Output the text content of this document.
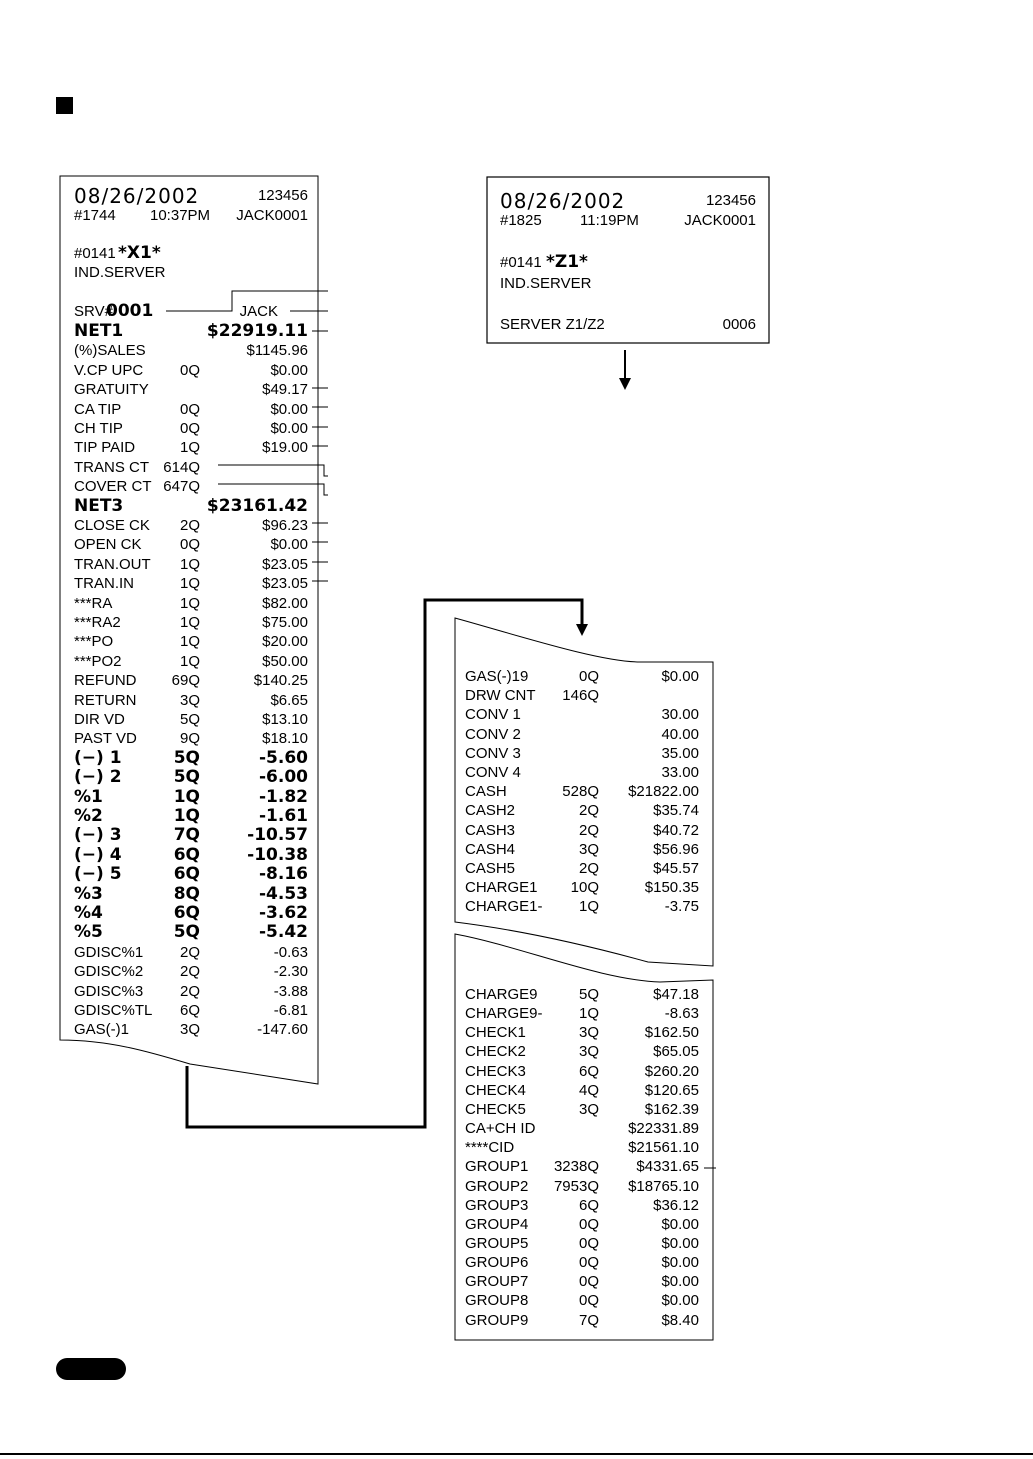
08/26/2002	123456
#1744 10:37PM JACK0001
#0141 *X1*
IND.SERVER
SRV#
0001	JACK
NET1	$22919.11
(%)SALES	$1145.96
V.CP UPC 0Q	$0.00
GRATUITY	$49.17
CA TIP	0Q	$0.00
CH TIP	0Q	$0.00
TIP PAID	1Q	$19.00
TRANS CT 614Q
COVER CT 647Q
NET3	$23161.42
CLOSE CK 2Q	$96.23
OPEN CK	0Q	$0.00
TRAN.OUT 1Q	$23.05
TRAN.IN	1Q	$23.05
***RA	1Q	$82.00
***RA2	1Q	$75.00
***PO	1Q	$20.00
***PO2	1Q	$50.00
REFUND 69Q	$140.25
RETURN	3Q	$6.65
DIR VD	5Q	$13.10
PAST VD	9Q	$18.10
(−) 1	5Q	-5.60
(−) 2	5Q	-6.00
%1	1Q	-1.82
%2	1Q	-1.61
(−) 3	7Q	-10.57
(−) 4	6Q	-10.38
(−) 5	6Q	-8.16
%3	8Q	-4.53
%4	6Q	-3.62
%5	5Q	-5.42
GDISC%1 2Q	-0.63
GDISC%2 2Q	-2.30
GDISC%3 2Q	-3.88
GDISC%TL 6Q	-6.81
GAS(-)1	3Q	-147.60
08/26/2002	123456
#1825	11:19PM	JACK0001
#0141 *Z1*
IND.SERVER
SERVER Z1/Z2	0006
GAS(-)19	0Q	$0.00
DRW CNT 146Q
CONV 1	30.00
CONV 2	40.00
CONV 3	35.00
CONV 4	33.00
CASH	528Q $21822.00
CASH2	2Q	$35.74
CASH3	2Q	$40.72
CASH4	3Q	$56.96
CASH5	2Q	$45.57
CHARGE1 10Q	$150.35
CHARGE1- 1Q	-3.75
CHARGE9	5Q	$47.18
CHARGE9- 1Q	-8.63
CHECK1	3Q	$162.50
CHECK2	3Q	$65.05
CHECK3	6Q	$260.20
CHECK4	4Q	$120.65
CHECK5	3Q	$162.39
CA+CH ID	$22331.89
****CID	$21561.10
GROUP1 3238Q $4331.65
GROUP2 7953Q $18765.10
GROUP3	6Q	$36.12
GROUP4	0Q	$0.00
GROUP5	0Q	$0.00
GROUP6	0Q	$0.00
GROUP7	0Q	$0.00
GROUP8	0Q	$0.00
GROUP9	7Q	$8.40
